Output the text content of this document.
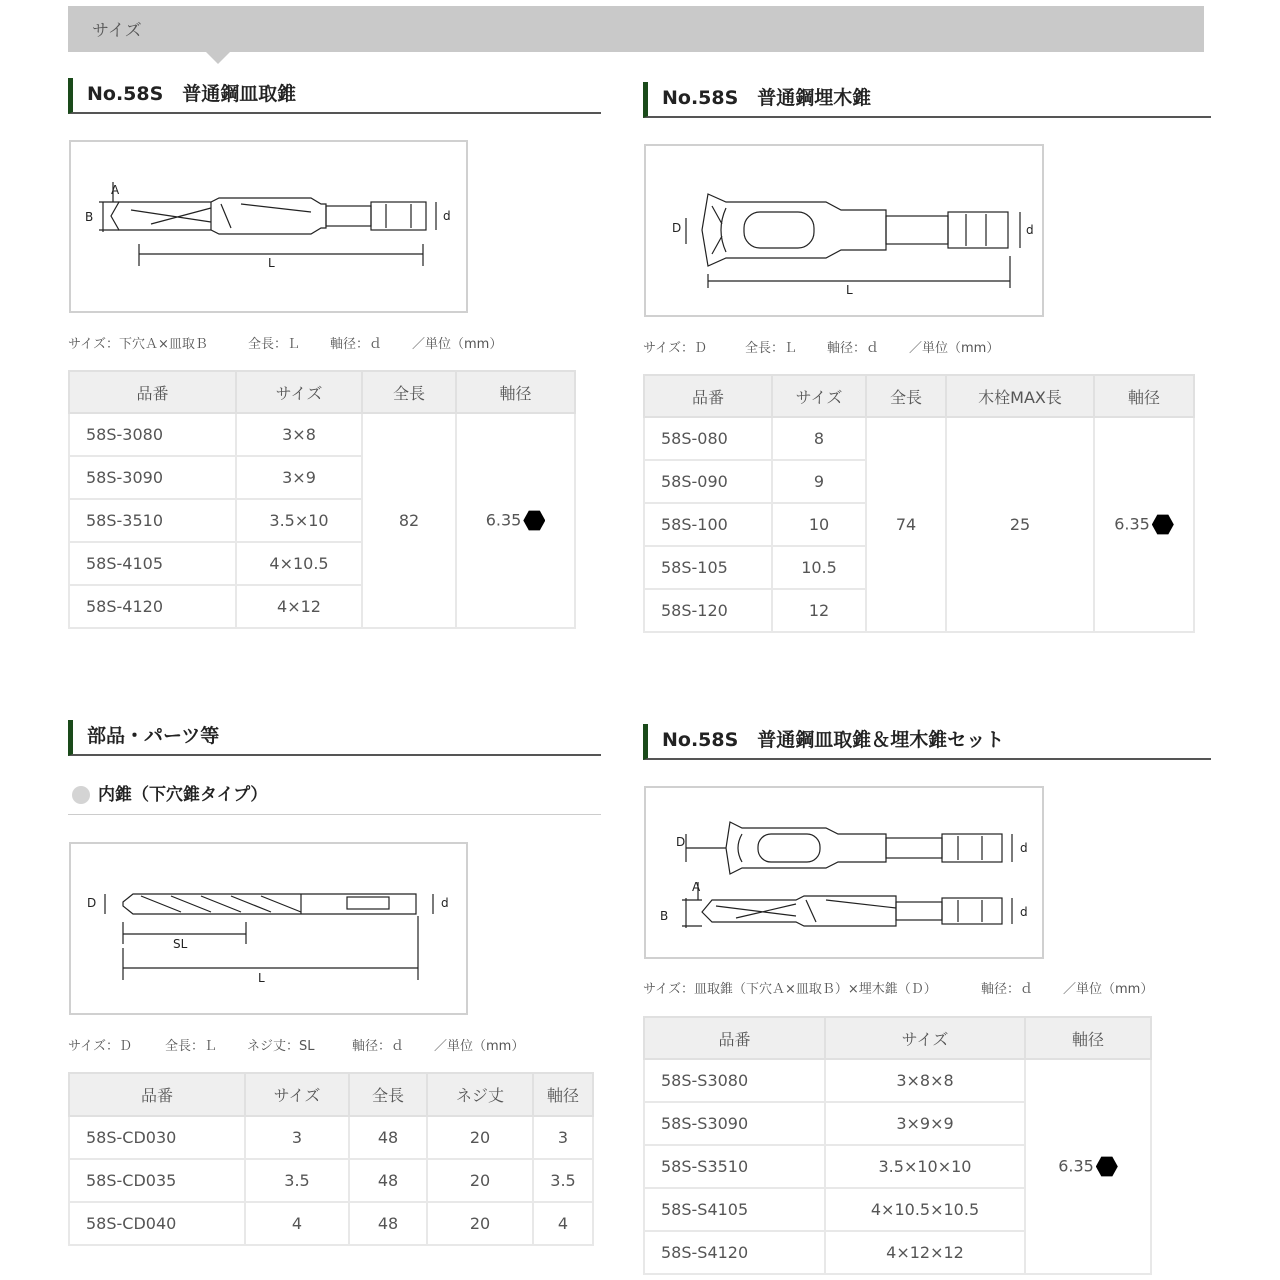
サイズ
No.58S　普通鋼皿取錐
A
B	d
L
サイズ：下穴Ａ×皿取Ｂ	全長：Ｌ 軸径：ｄ ／単位（mm）
品番	サイズ	全長	軸径
58S-3080	3×8	82	6.35
58S-3090	3×9		
58S-3510	3.5×10		
58S-4105	4×10.5		
58S-4120	4×12		
No.58S　普通鋼埋木錐
D	d
L
サイズ：Ｄ	全長：Ｌ 軸径：ｄ ／単位（mm）
品番	サイズ	全長	木栓MAX長	軸径
58S-080	8	74	25	6.35
58S-090	9			
58S-100	10			
58S-105	10.5			
58S-120	12			
部品・パーツ等
内錐（下穴錐タイプ）
D	d
SL
L
サイズ：Ｄ	全長：Ｌ ネジ丈：SL	軸径：ｄ ／単位（mm）
品番	サイズ	全長	ネジ丈	軸径
58S-CD030	3	48	20	3
58S-CD035	3.5	48	20	3.5
58S-CD040	4	48	20	4
No.58S　普通鋼皿取錐＆埋木錐セット
D	d
A
B	d
サイズ：皿取錐（下穴Ａ×皿取Ｂ）×埋木錐（Ｄ）	軸径：ｄ ／単位（mm）
品番	サイズ	軸径
58S-S3080	3×8×8	6.35
58S-S3090	3×9×9	
58S-S3510	3.5×10×10	
58S-S4105	4×10.5×10.5	
58S-S4120	4×12×12	
